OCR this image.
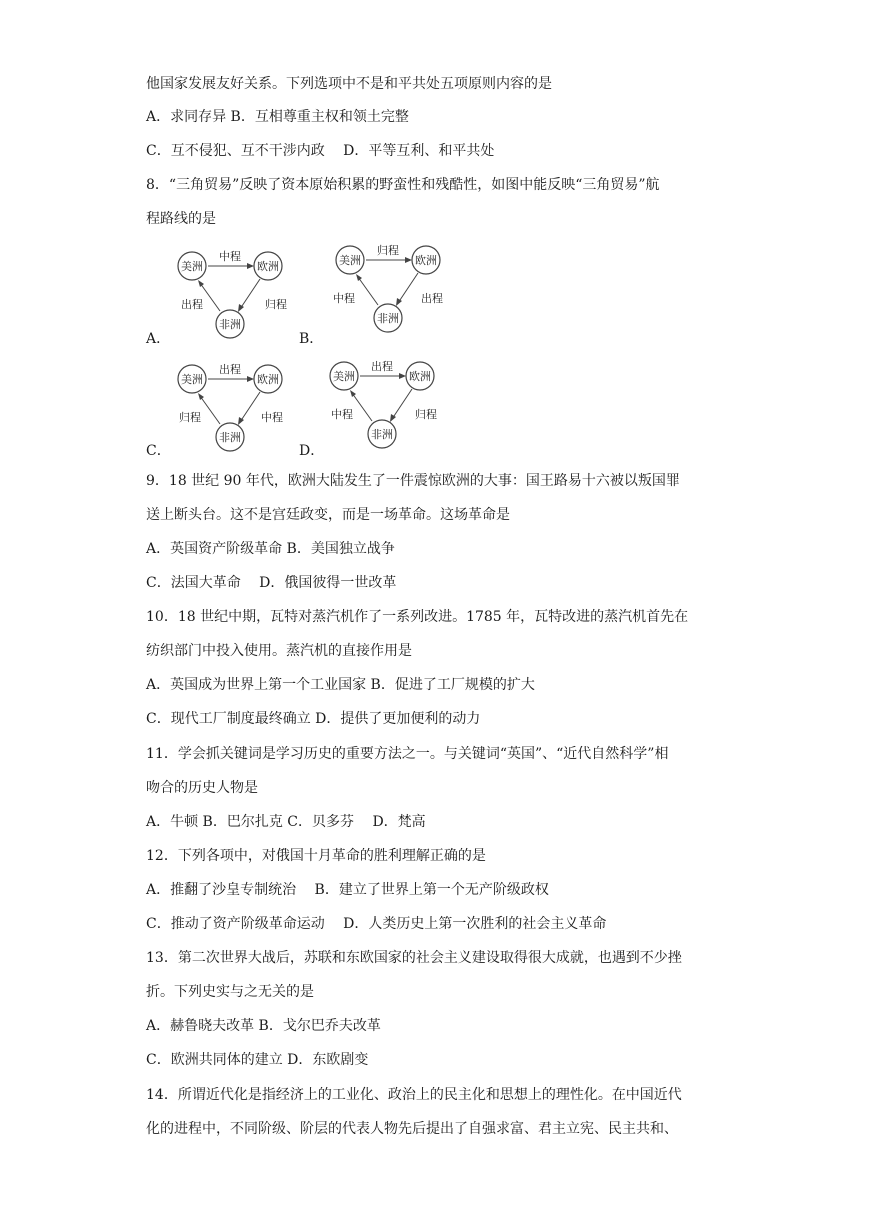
他国家发展友好关系。下列选项中不是和平共处五项原则内容的是
A．求同存异 B．互相尊重主权和领土完整
C．互不侵犯、互不干涉内政　 D．平等互利、和平共处
8．“三角贸易”反映了资本原始积累的野蛮性和残酷性，如图中能反映“三角贸易”航
程路线的是
A．
美洲	欧洲
非洲
中程
出程	归程
B．
美洲	欧洲
非洲
归程
中程	出程
C．
美洲	欧洲
非洲
出程
归程	中程
D．
美洲	欧洲
非洲
出程
中程	归程
9．18 世纪 90 年代，欧洲大陆发生了一件震惊欧洲的大事：国王路易十六被以叛国罪
送上断头台。这不是宫廷政变，而是一场革命。这场革命是
A．英国资产阶级革命 B．美国独立战争
C．法国大革命　 D．俄国彼得一世改革
10．18 世纪中期，瓦特对蒸汽机作了一系列改进。1785 年，瓦特改进的蒸汽机首先在
纺织部门中投入使用。蒸汽机的直接作用是
A．英国成为世界上第一个工业国家 B．促进了工厂规模的扩大
C．现代工厂制度最终确立 D．提供了更加便利的动力
11．学会抓关键词是学习历史的重要方法之一。与关键词“英国”、“近代自然科学”相
吻合的历史人物是
A．牛顿 B．巴尔扎克 C．贝多芬　 D．梵高
12．下列各项中，对俄国十月革命的胜利理解正确的是
A．推翻了沙皇专制统治　 B．建立了世界上第一个无产阶级政权
C．推动了资产阶级革命运动　 D．人类历史上第一次胜利的社会主义革命
13．第二次世界大战后，苏联和东欧国家的社会主义建设取得很大成就，也遇到不少挫
折。下列史实与之无关的是
A．赫鲁晓夫改革 B．戈尔巴乔夫改革
C．欧洲共同体的建立 D．东欧剧变
14．所谓近代化是指经济上的工业化、政治上的民主化和思想上的理性化。在中国近代
化的进程中，不同阶级、阶层的代表人物先后提出了自强求富、君主立宪、民主共和、
